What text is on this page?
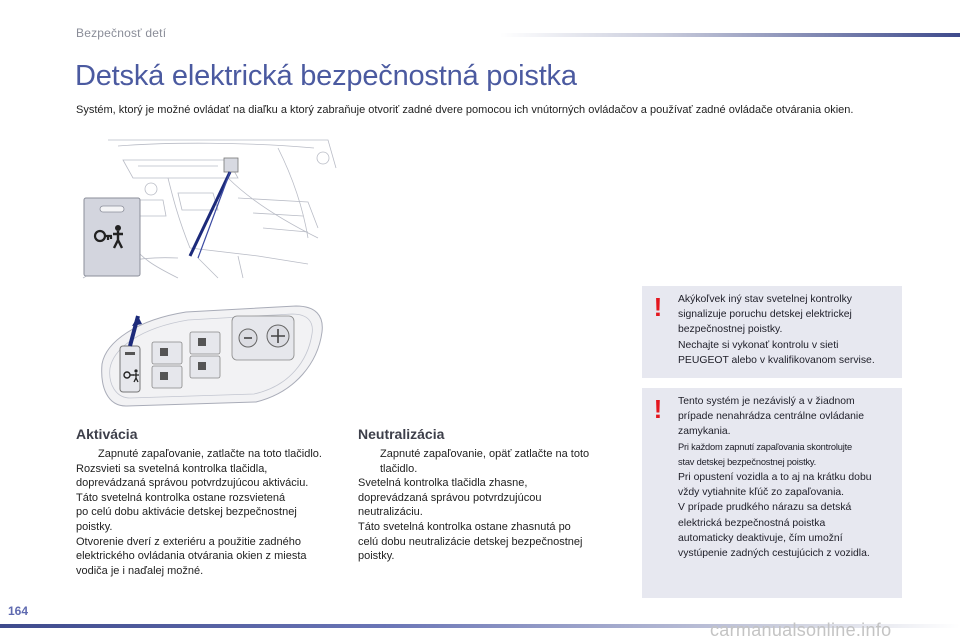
Bezpečnosť detí
Detská elektrická bezpečnostná poistka

Systém, ktorý je možné ovládať na diaľku a ktorý zabraňuje otvoriť zadné dvere pomocou ich vnútorných ovládačov a používať zadné ovládače otvárania okien.

Aktivácia
Zapnuté zapaľovanie, zatlačte na toto tlačidlo.
Rozsvieti sa svetelná kontrolka tlačidla,
doprevádzaná správou potvrdzujúcou aktiváciu.
Táto svetelná kontrolka ostane rozsvietená
po celú dobu aktivácie detskej bezpečnostnej
poistky.
Otvorenie dverí z exteriéru a použitie zadného
elektrického ovládania otvárania okien z miesta
vodiča je i naďalej možné.
Neutralizácia
Zapnuté zapaľovanie, opäť zatlačte na toto tlačidlo.
Svetelná kontrolka tlačidla zhasne,
doprevádzaná správou potvrdzujúcou
neutralizáciu.
Táto svetelná kontrolka ostane zhasnutá po
celú dobu neutralizácie detskej bezpečnostnej
poistky.
! Akýkoľvek iný stav svetelnej kontrolky
signalizuje poruchu detskej elektrickej
bezpečnostnej poistky.
Nechajte si vykonať kontrolu v sieti
PEUGEOT alebo v kvalifikovanom servise.
! Tento systém je nezávislý a v žiadnom
prípade nenahrádza centrálne ovládanie
zamykania.
Pri každom zapnutí zapaľovania skontrolujte
stav detskej bezpečnostnej poistky.
Pri opustení vozidla a to aj na krátku dobu
vždy vytiahnite kľúč zo zapaľovania.
V prípade prudkého nárazu sa detská
elektrická bezpečnostná poistka
automaticky deaktivuje, čím umožní
vystúpenie zadných cestujúcich z vozidla.
164
carmanualsonline.info
